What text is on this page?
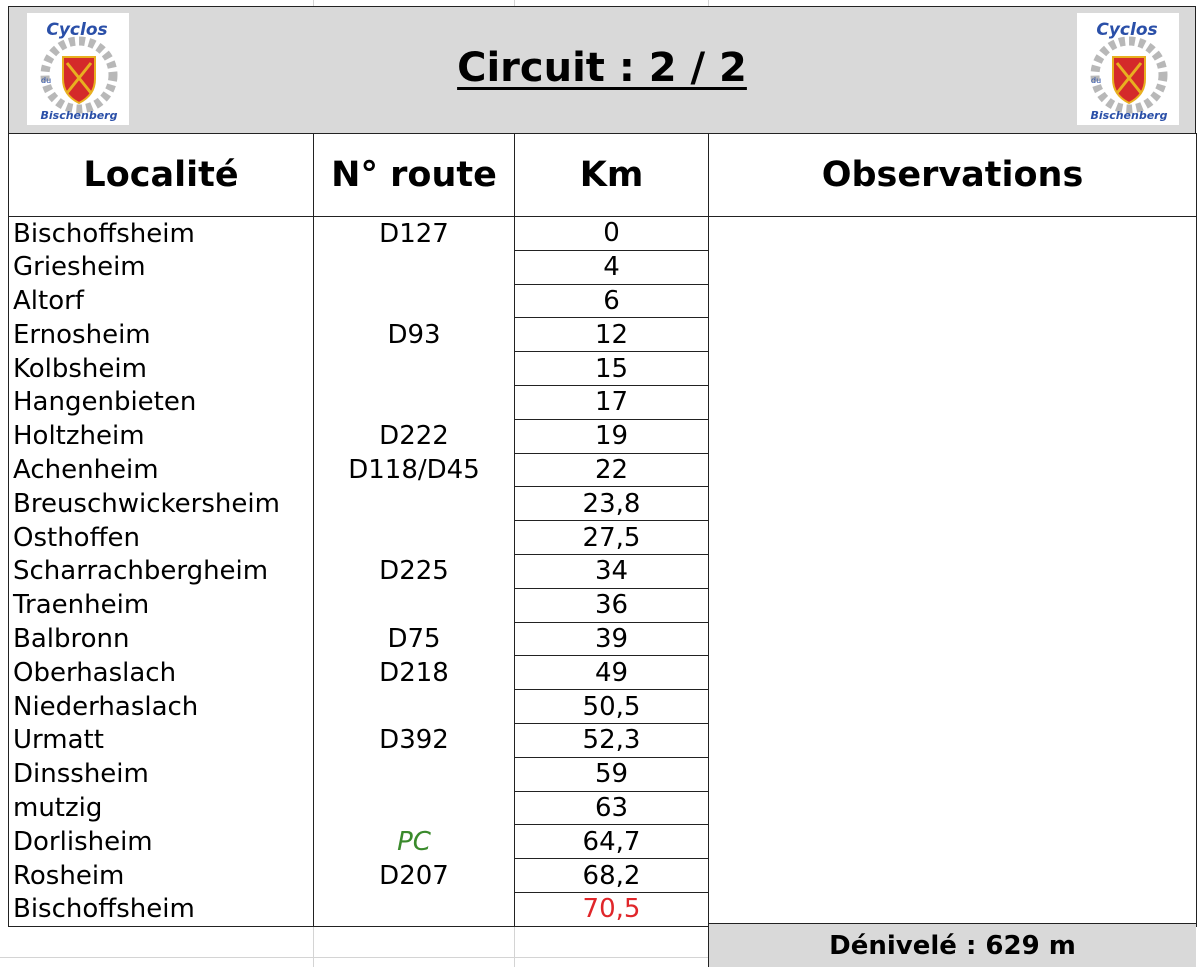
Cyclos
du
Bischenberg
Circuit : 2 / 2
Cyclos
du
Bischenberg
Localité	N° route	Km	Observations
Bischoffsheim	D127	0	
Griesheim		4	
Altorf		6	
Ernosheim	D93	12	
Kolbsheim		15	
Hangenbieten		17	
Holtzheim	D222	19	
Achenheim	D118/D45	22	
Breuschwickersheim		23,8	
Osthoffen		27,5	
Scharrachbergheim	D225	34	
Traenheim		36	
Balbronn	D75	39	
Oberhaslach	D218	49	
Niederhaslach		50,5	
Urmatt	D392	52,3	
Dinssheim		59	
mutzig		63	
Dorlisheim	PC	64,7	
Rosheim	D207	68,2	
Bischoffsheim		70,5	
Dénivelé : 629 m
